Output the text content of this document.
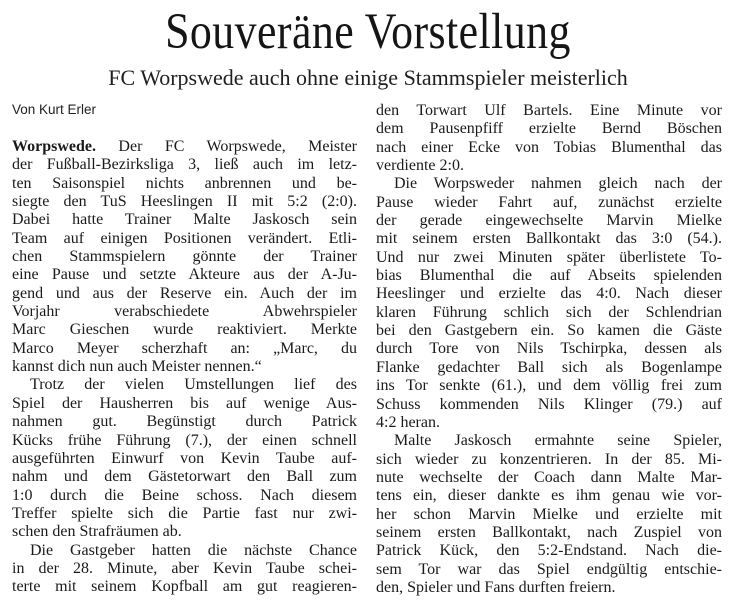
Souveräne Vorstellung
FC Worpswede auch ohne einige Stammspieler meisterlich
Von Kurt Erler
Worpswede. Der FC Worpswede, Meister
der Fußball-Bezirksliga 3, ließ auch im letz-
ten Saisonspiel nichts anbrennen und be-
siegte den TuS Heeslingen II mit 5:2 (2:0).
Dabei hatte Trainer Malte Jaskosch sein
Team auf einigen Positionen verändert. Etli-
chen Stammspielern gönnte der Trainer
eine Pause und setzte Akteure aus der A-Ju-
gend und aus der Reserve ein. Auch der im
Vorjahr verabschiedete Abwehrspieler
Marc Gieschen wurde reaktiviert. Merkte
Marco Meyer scherzhaft an: „Marc, du
kannst dich nun auch Meister nennen.“
Trotz der vielen Umstellungen lief des
Spiel der Hausherren bis auf wenige Aus-
nahmen gut. Begünstigt durch Patrick
Kücks frühe Führung (7.), der einen schnell
ausgeführten Einwurf von Kevin Taube auf-
nahm und dem Gästetorwart den Ball zum
1:0 durch die Beine schoss. Nach diesem
Treffer spielte sich die Partie fast nur zwi-
schen den Strafräumen ab.
Die Gastgeber hatten die nächste Chance
in der 28. Minute, aber Kevin Taube schei-
terte mit seinem Kopfball am gut reagieren-
den Torwart Ulf Bartels. Eine Minute vor
dem Pausenpfiff erzielte Bernd Böschen
nach einer Ecke von Tobias Blumenthal das
verdiente 2:0.
Die Worpsweder nahmen gleich nach der
Pause wieder Fahrt auf, zunächst erzielte
der gerade eingewechselte Marvin Mielke
mit seinem ersten Ballkontakt das 3:0 (54.).
Und nur zwei Minuten später überlistete To-
bias Blumenthal die auf Abseits spielenden
Heeslinger und erzielte das 4:0. Nach dieser
klaren Führung schlich sich der Schlendrian
bei den Gastgebern ein. So kamen die Gäste
durch Tore von Nils Tschirpka, dessen als
Flanke gedachter Ball sich als Bogenlampe
ins Tor senkte (61.), und dem völlig frei zum
Schuss kommenden Nils Klinger (79.) auf
4:2 heran.
Malte Jaskosch ermahnte seine Spieler,
sich wieder zu konzentrieren. In der 85. Mi-
nute wechselte der Coach dann Malte Mar-
tens ein, dieser dankte es ihm genau wie vor-
her schon Marvin Mielke und erzielte mit
seinem ersten Ballkontakt, nach Zuspiel von
Patrick Kück, den 5:2-Endstand. Nach die-
sem Tor war das Spiel endgültig entschie-
den, Spieler und Fans durften freiern.
